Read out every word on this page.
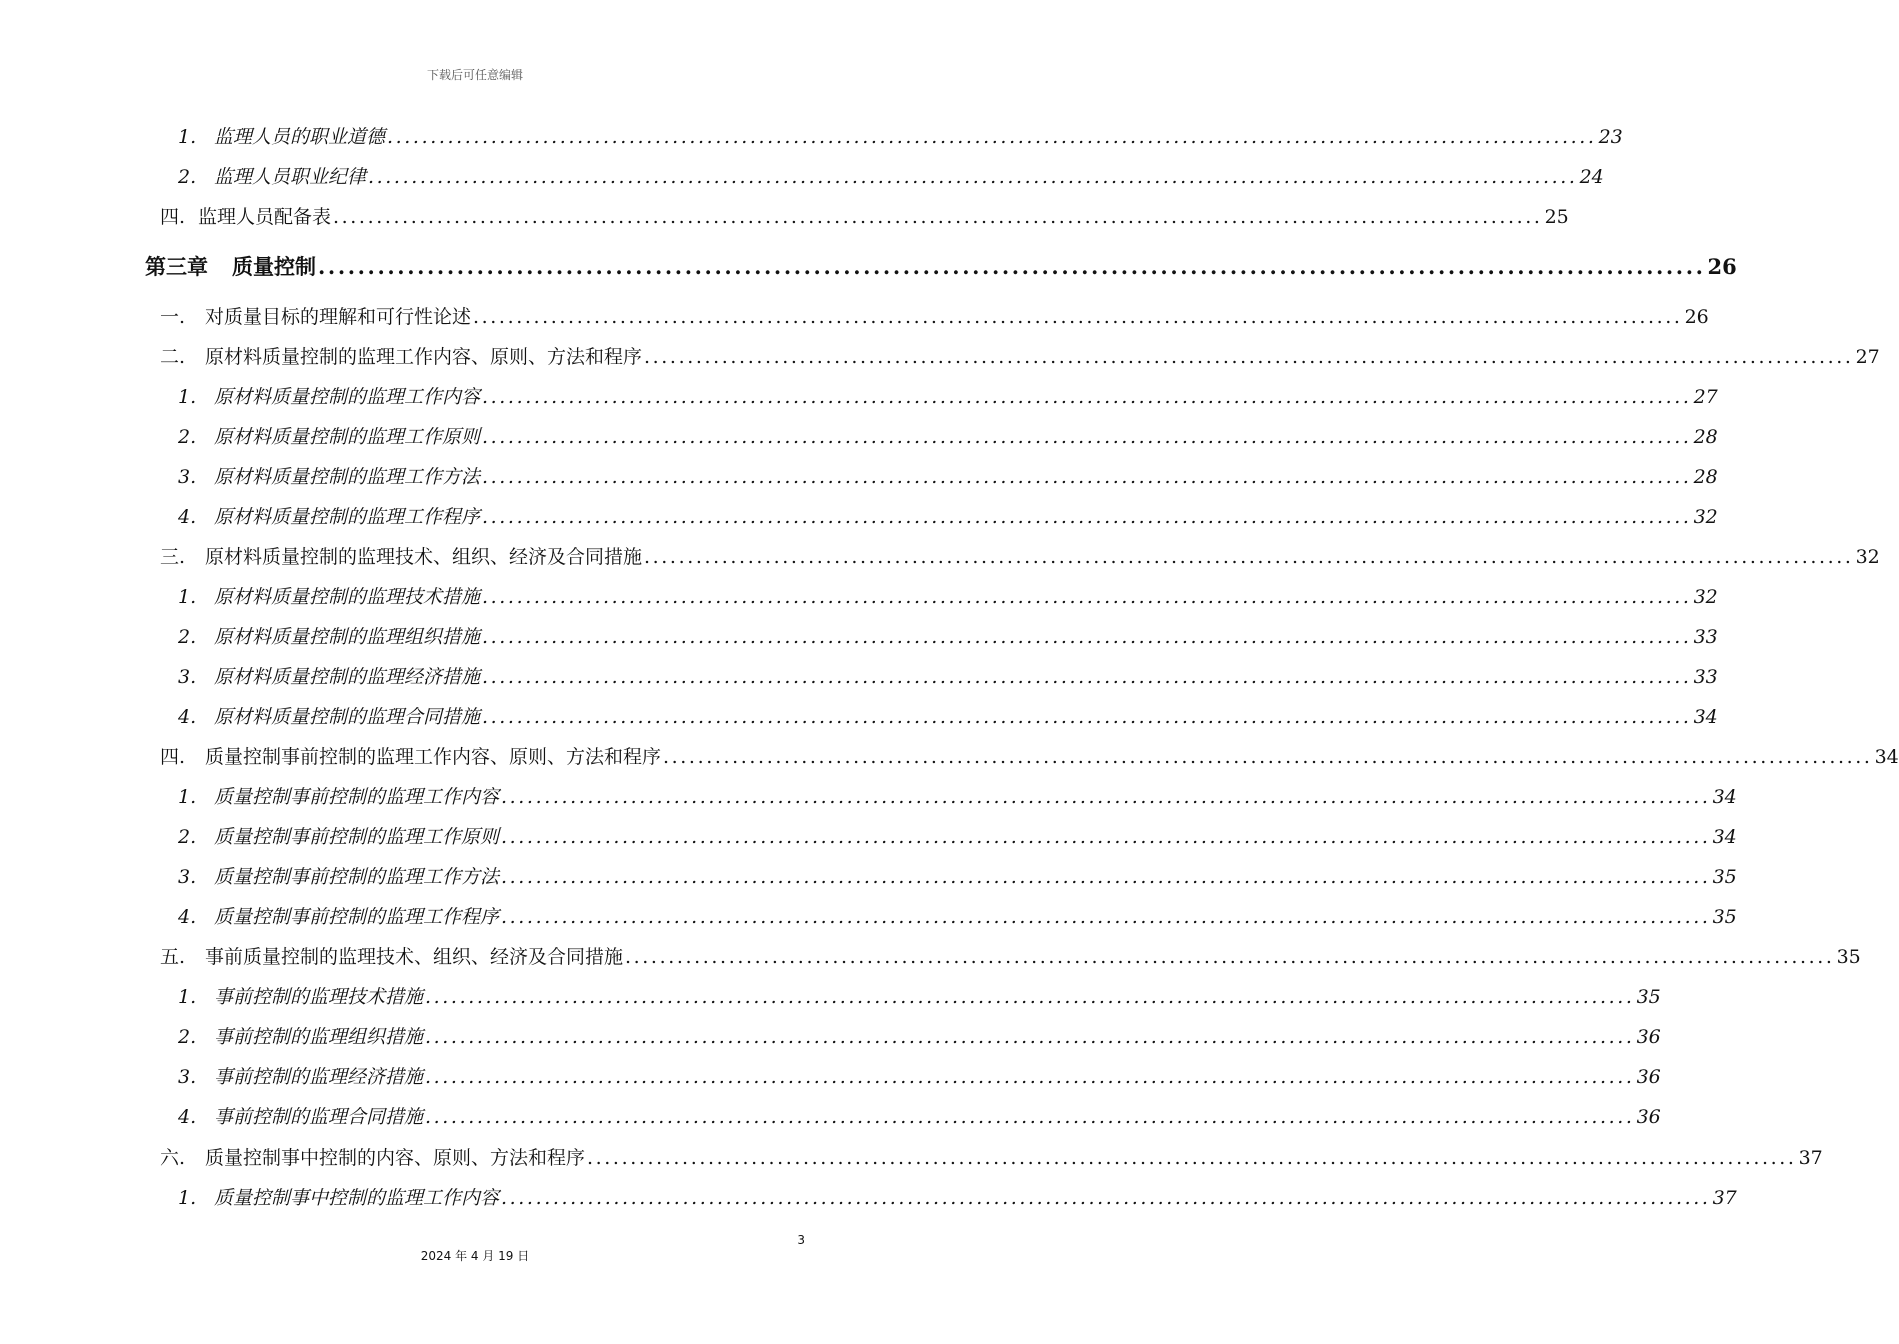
下载后可任意编辑
1. 监理人员的职业道德 ............................................................................................................................................ 23
2. 监理人员职业纪律 ............................................................................................................................................ 24
四. 监理人员配备表 ............................................................................................................................................ 25
第三章 质量控制 ............................................................................................................................................ 26
一.	对质量目标的理解和可行性论述 ............................................................................................................................................ 26
二.	原材料质量控制的监理工作内容、原则、方法和程序 ............................................................................................................................................ 27
1. 原材料质量控制的监理工作内容 ............................................................................................................................................ 27
2. 原材料质量控制的监理工作原则 ............................................................................................................................................ 28
3. 原材料质量控制的监理工作方法 ............................................................................................................................................ 28
4. 原材料质量控制的监理工作程序 ............................................................................................................................................ 32
三.	原材料质量控制的监理技术、组织、经济及合同措施 ............................................................................................................................................ 32
1. 原材料质量控制的监理技术措施 ............................................................................................................................................ 32
2. 原材料质量控制的监理组织措施 ............................................................................................................................................ 33
3. 原材料质量控制的监理经济措施 ............................................................................................................................................ 33
4. 原材料质量控制的监理合同措施 ............................................................................................................................................ 34
四.	质量控制事前控制的监理工作内容、原则、方法和程序 ............................................................................................................................................ 34
1. 质量控制事前控制的监理工作内容 ............................................................................................................................................ 34
2. 质量控制事前控制的监理工作原则 ............................................................................................................................................ 34
3. 质量控制事前控制的监理工作方法 ............................................................................................................................................ 35
4. 质量控制事前控制的监理工作程序 ............................................................................................................................................ 35
五.	事前质量控制的监理技术、组织、经济及合同措施 ............................................................................................................................................ 35
1. 事前控制的监理技术措施 ............................................................................................................................................ 35
2. 事前控制的监理组织措施 ............................................................................................................................................ 36
3. 事前控制的监理经济措施 ............................................................................................................................................ 36
4. 事前控制的监理合同措施 ............................................................................................................................................ 36
六.	质量控制事中控制的内容、原则、方法和程序 ............................................................................................................................................ 37
1. 质量控制事中控制的监理工作内容 ............................................................................................................................................ 37
3
2024 年 4 月 19 日
